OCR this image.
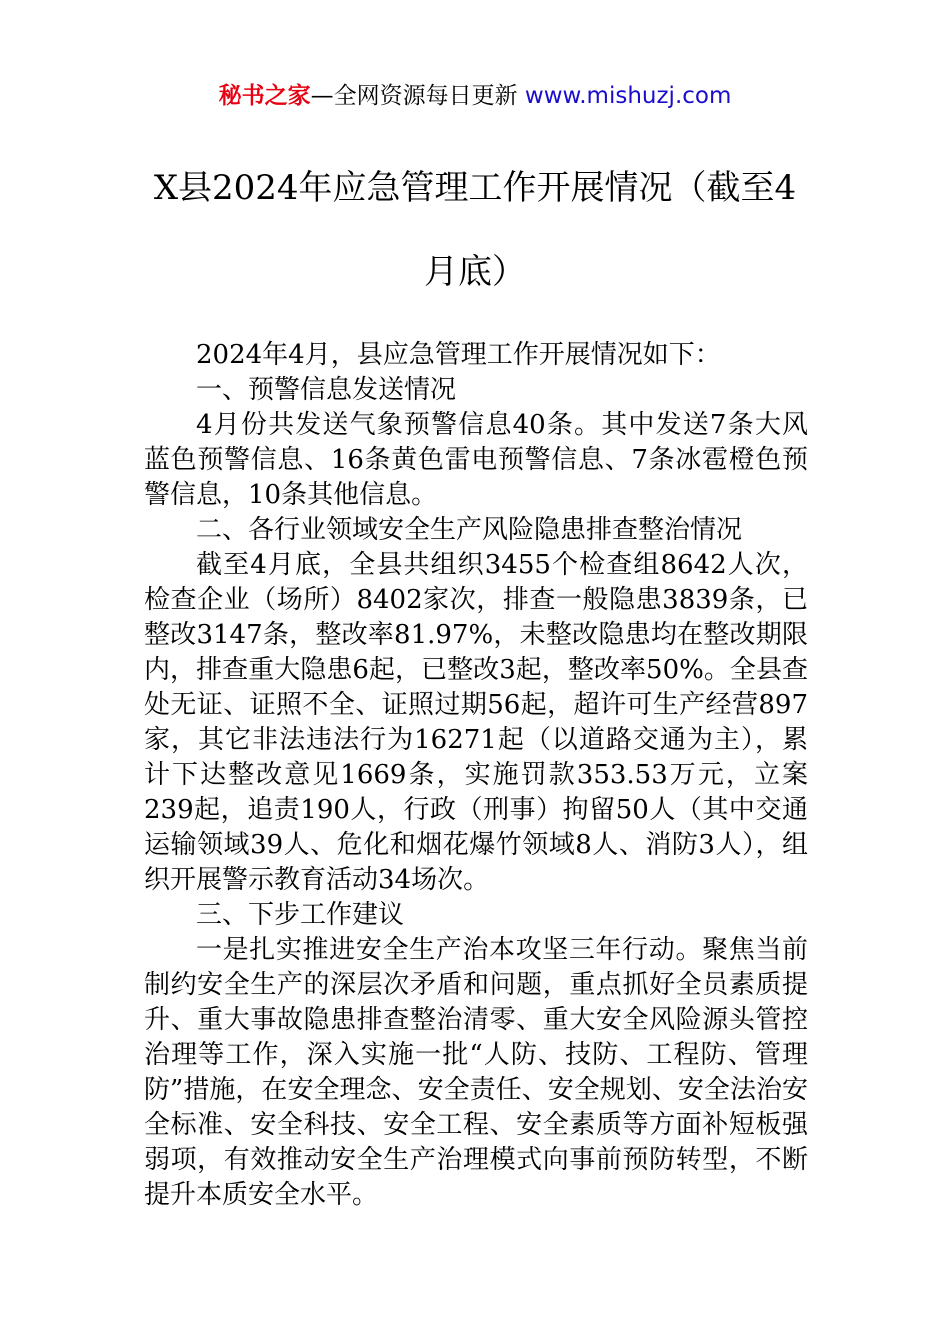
秘书之家—全网资源每日更新 www.mishuzj.com
X县2024年应急管理工作开展情况（截至4月底）

2024年4月，县应急管理工作开展情况如下：

一、预警信息发送情况

4月份共发送气象预警信息40条。其中发送7条大风蓝色预警信息、16条黄色雷电预警信息、7条冰雹橙色预警信息，10条其他信息。

二、各行业领域安全生产风险隐患排查整治情况

截至4月底，全县共组织3455个检查组8642人次，检查企业（场所）8402家次，排查一般隐患3839条，已整改3147条，整改率81.97%，未整改隐患均在整改期限内，排查重大隐患6起，已整改3起，整改率50%。全县查处无证、证照不全、证照过期56起，超许可生产经营897家，其它非法违法行为16271起（以道路交通为主），累计下达整改意见1669条，实施罚款353.53万元，立案239起，追责190人，行政（刑事）拘留50人（其中交通运输领域39人、危化和烟花爆竹领域8人、消防3人），组织开展警示教育活动34场次。

三、下步工作建议

一是扎实推进安全生产治本攻坚三年行动。聚焦当前制约安全生产的深层次矛盾和问题，重点抓好全员素质提升、重大事故隐患排查整治清零、重大安全风险源头管控治理等工作，深入实施一批“人防、技防、工程防、管理防”措施，在安全理念、安全责任、安全规划、安全法治安全标准、安全科技、安全工程、安全素质等方面补短板强弱项，有效推动安全生产治理模式向事前预防转型，不断提升本质安全水平。
